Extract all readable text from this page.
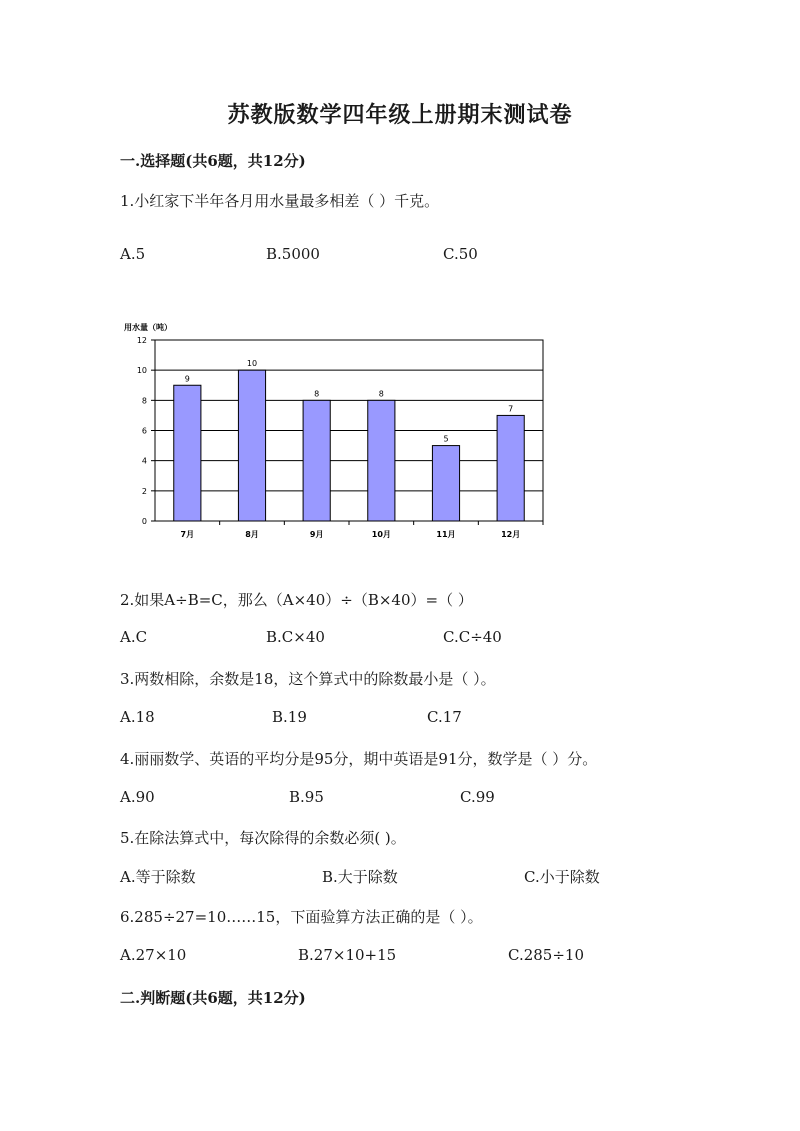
苏教版数学四年级上册期末测试卷
一.选择题(共6题，共12分)
1.小红家下半年各月用水量最多相差（ ）千克。
A.5	B.5000	C.50
用水量（吨）
0
2
4
6
8
10
12
9
7月
10
8月
8
9月
8
10月
5
11月
7
12月
2.如果A÷B=C，那么（A×40）÷（B×40）=（ ）
A.C	B.C×40	C.C÷40
3.两数相除，余数是18，这个算式中的除数最小是（ ）。
A.18	B.19	C.17
4.丽丽数学、英语的平均分是95分，期中英语是91分，数学是（ ）分。
A.90	B.95	C.99
5.在除法算式中，每次除得的余数必须( )。
A.等于除数	B.大于除数	C.小于除数
6.285÷27=10……15，下面验算方法正确的是（ ）。
A.27×10	B.27×10+15	C.285÷10
二.判断题(共6题，共12分)
